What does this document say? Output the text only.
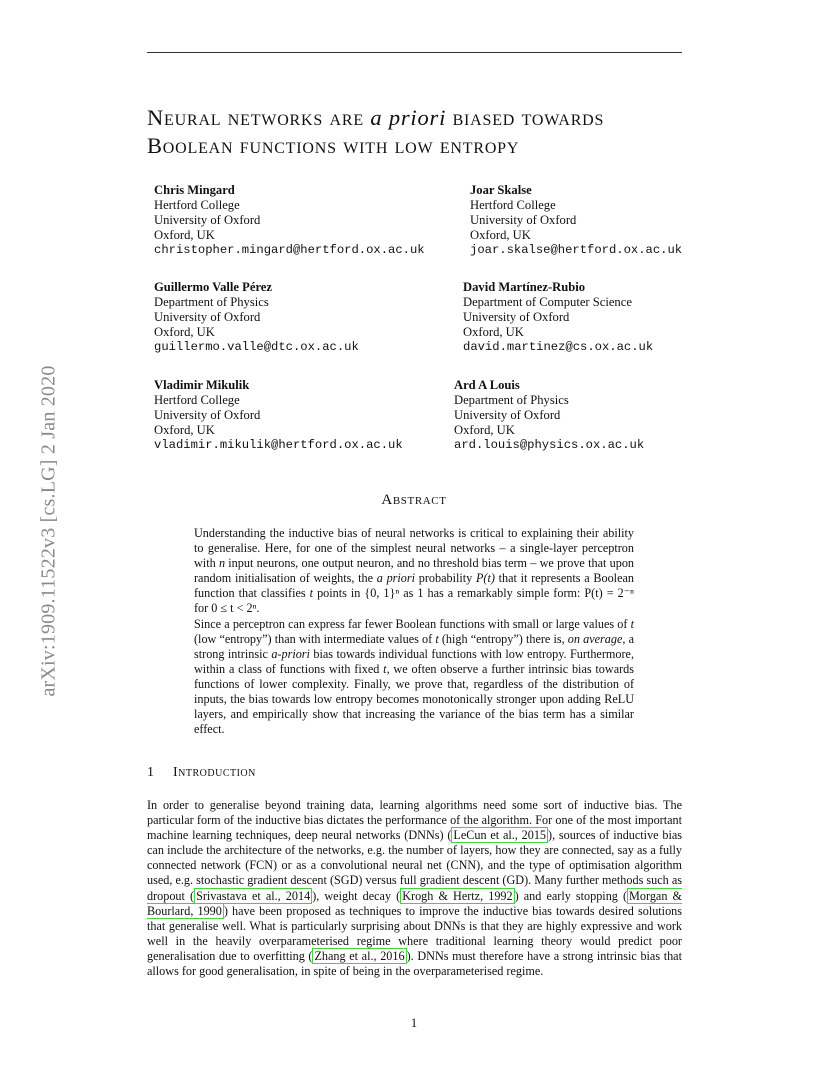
arXiv:1909.11522v3 [cs.LG] 2 Jan 2020
Neural networks are a priori biased towards
Boolean functions with low entropy
Chris Mingard
Hertford College
University of Oxford
Oxford, UK
christopher.mingard@hertford.ox.ac.uk
Joar Skalse
Hertford College
University of Oxford
Oxford, UK
joar.skalse@hertford.ox.ac.uk
Guillermo Valle Pérez
Department of Physics
University of Oxford
Oxford, UK
guillermo.valle@dtc.ox.ac.uk
David Martínez-Rubio
Department of Computer Science
University of Oxford
Oxford, UK
david.martinez@cs.ox.ac.uk
Vladimir Mikulik
Hertford College
University of Oxford
Oxford, UK
vladimir.mikulik@hertford.ox.ac.uk
Ard A Louis
Department of Physics
University of Oxford
Oxford, UK
ard.louis@physics.ox.ac.uk
Abstract

Understanding the inductive bias of neural networks is critical to explaining their ability to generalise. Here, for one of the simplest neural networks – a single-layer perceptron with n input neurons, one output neuron, and no threshold bias term – we prove that upon random initialisation of weights, the a priori probability P(t) that it represents a Boolean function that classifies t points in {0, 1}ⁿ as 1 has a remarkably simple form: P(t) = 2⁻ⁿ for 0 ≤ t < 2ⁿ.

Since a perceptron can express far fewer Boolean functions with small or large values of t (low “entropy”) than with intermediate values of t (high “entropy”) there is, on average, a strong intrinsic a-priori bias towards individual functions with low entropy. Furthermore, within a class of functions with fixed t, we often observe a further intrinsic bias towards functions of lower complexity. Finally, we prove that, regardless of the distribution of inputs, the bias towards low entropy becomes monotonically stronger upon adding ReLU layers, and empirically show that increasing the variance of the bias term has a similar effect.

1 Introduction

In order to generalise beyond training data, learning algorithms need some sort of inductive bias. The particular form of the inductive bias dictates the performance of the algorithm. For one of the most important machine learning techniques, deep neural networks (DNNs) ( LeCun et al., 2015 ), sources of inductive bias can include the architecture of the networks, e.g. the number of layers, how they are connected, say as a fully connected network (FCN) or as a convolutional neural net (CNN), and the type of optimisation algorithm used, e.g. stochastic gradient descent (SGD) versus full gradient descent (GD). Many further methods such as dropout ( Srivastava et al., 2014 ), weight decay ( Krogh & Hertz, 1992 ) and early stopping ( Morgan & Bourlard, 1990 ) have been proposed as techniques to improve the inductive bias towards desired solutions that generalise well. What is particularly surprising about DNNs is that they are highly expressive and work well in the heavily overparameterised regime where traditional learning theory would predict poor generalisation due to overfitting ( Zhang et al., 2016 ). DNNs must therefore have a strong intrinsic bias that allows for good generalisation, in spite of being in the overparameterised regime.

1
